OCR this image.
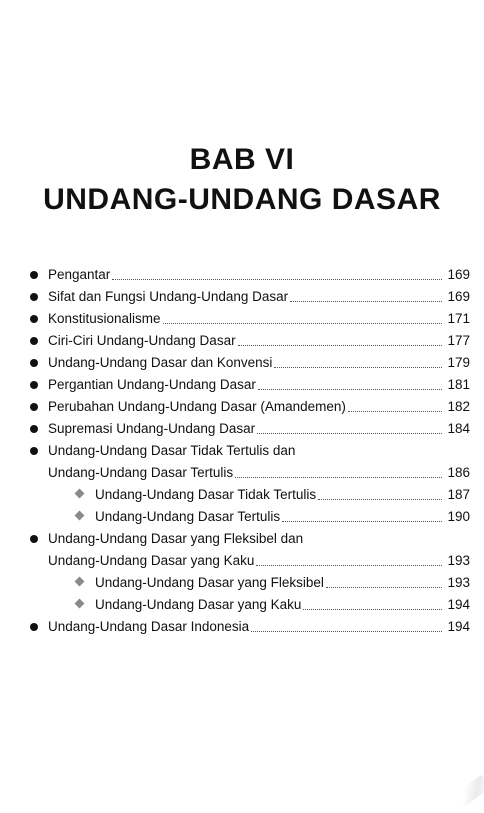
BAB VI
UNDANG-UNDANG DASAR
Pengantar	169
Sifat dan Fungsi Undang-Undang Dasar	169
Konstitusionalisme	171
Ciri-Ciri Undang-Undang Dasar	177
Undang-Undang Dasar dan Konvensi	179
Pergantian Undang-Undang Dasar	181
Perubahan Undang-Undang Dasar (Amandemen)	182
Supremasi Undang-Undang Dasar	184
Undang-Undang Dasar Tidak Tertulis dan
Undang-Undang Dasar Tertulis	186
Undang-Undang Dasar Tidak Tertulis	187
Undang-Undang Dasar Tertulis	190
Undang-Undang Dasar yang Fleksibel dan
Undang-Undang Dasar yang Kaku	193
Undang-Undang Dasar yang Fleksibel	193
Undang-Undang Dasar yang Kaku	194
Undang-Undang Dasar Indonesia	194
